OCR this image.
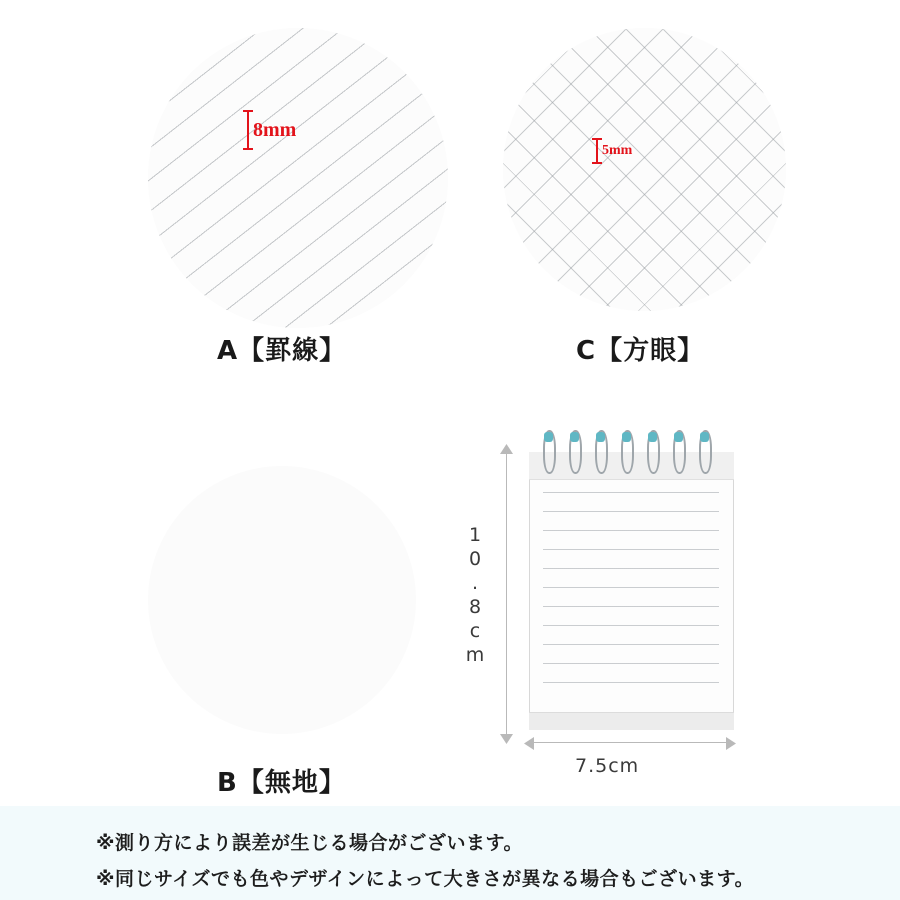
8mm
A【罫線】
5mm
C【方眼】
B【無地】
10.8cm
7.5cm
※測り方により誤差が生じる場合がございます。
※同じサイズでも色やデザインによって大きさが異なる場合もございます。
